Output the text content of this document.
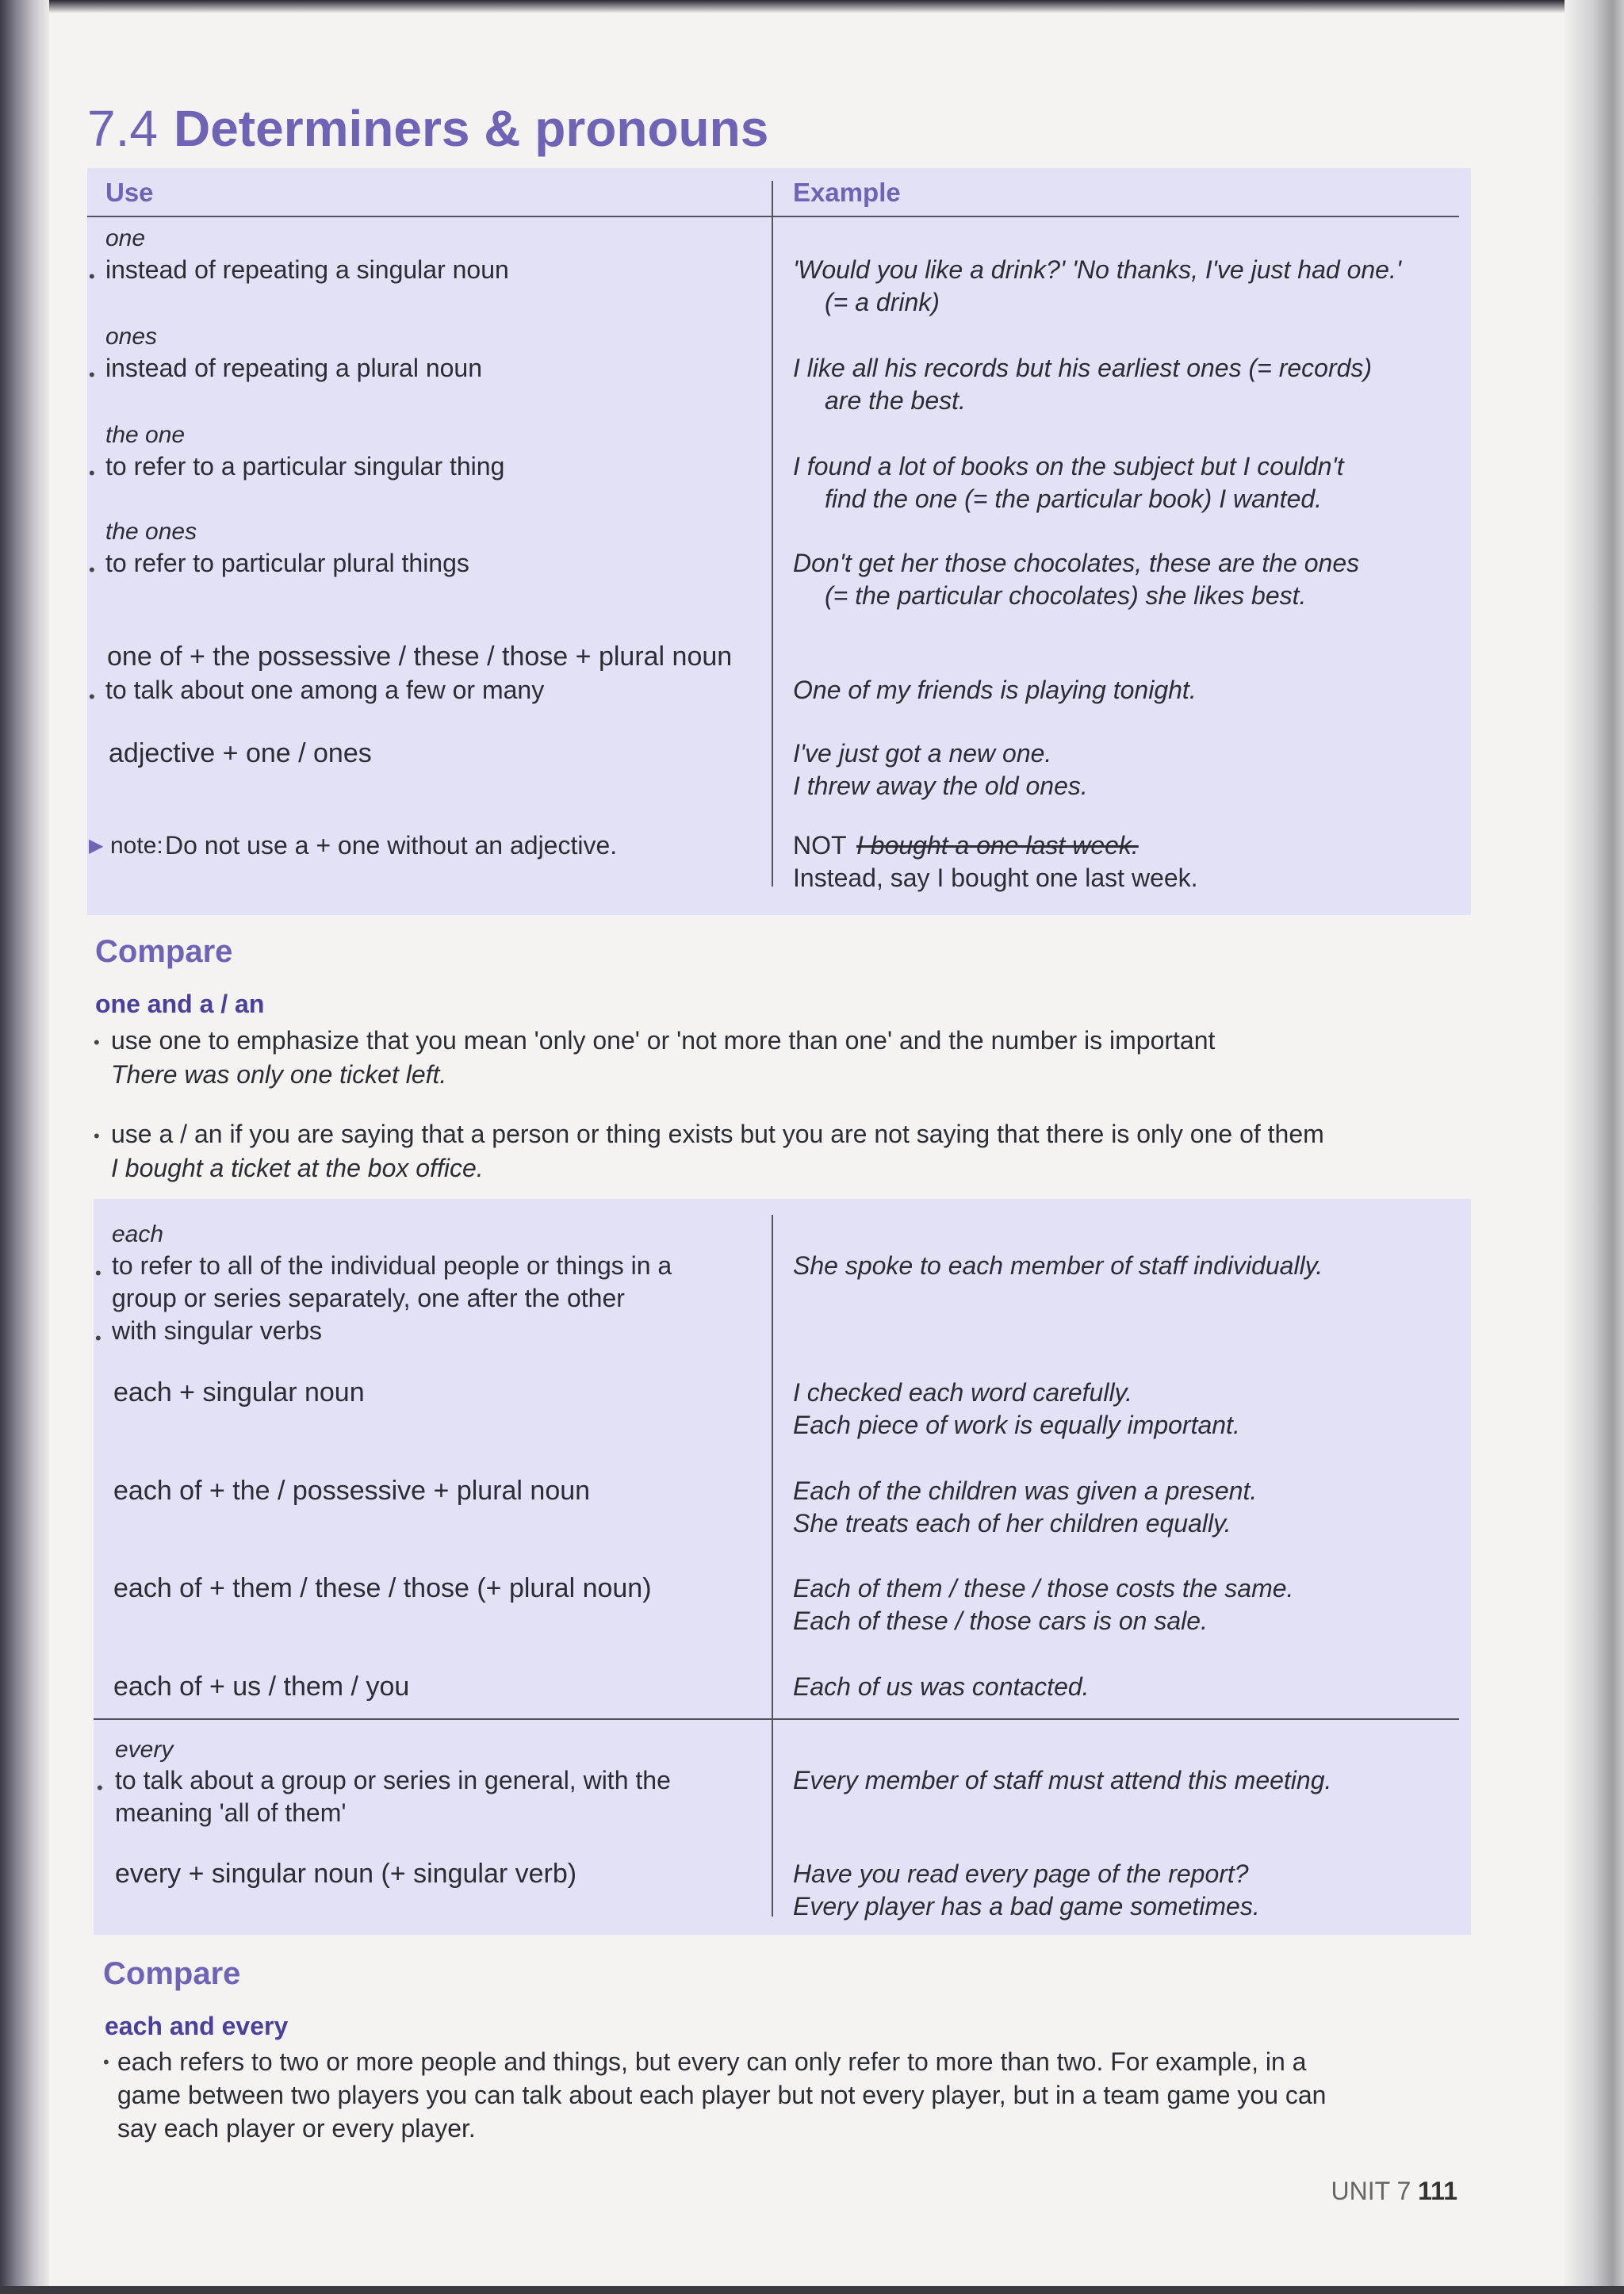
7.4 Determiners & pronouns
Use	Example
one
• instead of repeating a singular noun
ones
• instead of repeating a plural noun
the one
• to refer to a particular singular thing
the ones
• to refer to particular plural things
one of + the possessive / these / those + plural noun
• to talk about one among a few or many
adjective + one / ones
▶ note: Do not use a + one without an adjective.
'Would you like a drink?' 'No thanks, I've just had one.'
(= a drink)
I like all his records but his earliest ones (= records)
are the best.
I found a lot of books on the subject but I couldn't
find the one (= the particular book) I wanted.
Don't get her those chocolates, these are the ones
(= the particular chocolates) she likes best.
One of my friends is playing tonight.
I've just got a new one.
I threw away the old ones.
NOT I bought a one last week.
Instead, say I bought one last week.
Compare
one and a / an
• use one to emphasize that you mean 'only one' or 'not more than one' and the number is important
There was only one ticket left.
• use a / an if you are saying that a person or thing exists but you are not saying that there is only one of them
I bought a ticket at the box office.
each
• to refer to all of the individual people or things in a
group or series separately, one after the other
• with singular verbs
each + singular noun
each of + the / possessive + plural noun
each of + them / these / those (+ plural noun)
each of + us / them / you
every
• to talk about a group or series in general, with the
meaning 'all of them'
every + singular noun (+ singular verb)
She spoke to each member of staff individually.
I checked each word carefully.
Each piece of work is equally important.
Each of the children was given a present.
She treats each of her children equally.
Each of them / these / those costs the same.
Each of these / those cars is on sale.
Each of us was contacted.
Every member of staff must attend this meeting.
Have you read every page of the report?
Every player has a bad game sometimes.
Compare
each and every
• each refers to two or more people and things, but every can only refer to more than two. For example, in a
game between two players you can talk about each player but not every player, but in a team game you can
say each player or every player.
UNIT 7 111
